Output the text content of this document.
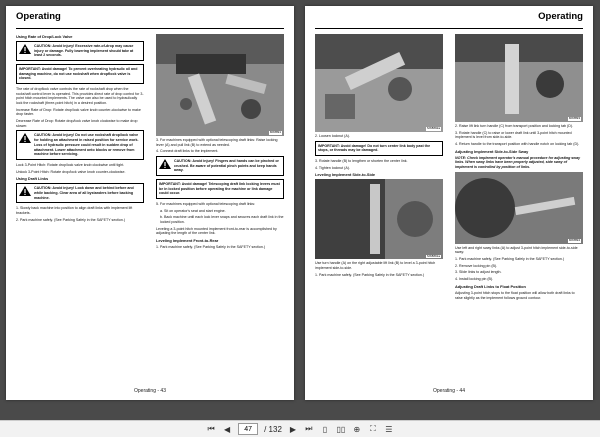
Operating

Using Rate of Drop/Lock Valve

CAUTION: Avoid injury! Excessive rate-of-drop may cause injury or damage. Fully lowering implement should take at least 2 seconds.
IMPORTANT: Avoid damage! To prevent overheating hydraulic oil and damaging machine, do not use rockshaft when dropflock valve is closed.

The rate of dropflock valve controls the rate of rockshaft drop when the rockshaft control lever is operated. This provides direct rate of drop control for 3-point hitch mounted implements. The valve can also be used to hydraulically lock the rockshaft (three-point hitch) in a desired position.

Increase Rate of Drop: Rotate drop/lock valve knob counter-clockwise to make drop faster.

Decrease Rate of Drop: Rotate drop/lock valve knob clockwise to make drop slower.

CAUTION: Avoid injury! Do not use rockshaft drop/lock valve for holding an attachment in raised position for service work. Loss of hydraulic pressure could result in sudden drop of attachment. Lower attachment onto blocks or remove from machine before servicing.

Lock 3-Point Hitch: Rotate drop/lock valve knob clockwise until tight.

Unlock 3-Point Hitch: Rotate drop/lock valve knob counter-clockwise.

Using Draft Links

CAUTION: Avoid injury! Look down and behind before and while backing. Clear area of all bystanders before backing machine.

1. Slowly back machine into position to align draft links with implement lift brackets.

2. Park machine safely. (See Parking Safely in the SAFETY section.)

MX8891

3. For machines equipped with optional telescoping draft links: Raise locking lever (A) and pull link (B) to extend as needed.

4. Connect draft links to the implement.

CAUTION: Avoid injury! Fingers and hands can be pinched or crushed. Be aware of potential pinch points and keep hands away.
IMPORTANT: Avoid damage! Telescoping draft link locking levers must be in locked position before operating the machine or link damage could occur.

5. For machines equipped with optional telescoping draft links:

a. Sit on operator's seat and start engine.

b. Back machine until each lock lever snaps and secures each draft link in the locked position.

Leveling a 3-point hitch mounted implement front-to-rear is accomplished by adjusting the length of the center link.

Leveling Implement Front-to-Rear

1. Park machine safely. (See Parking Safely in the SAFETY section.)

Operating - 43
Operating
MX8892a

2. Loosen locknut (A).

IMPORTANT: Avoid damage! Do not turn center link body past the stops, or threads may be damaged.

3. Rotate handle (B) to lengthen or shorten the center link.

4. Tighten locknut (A).

Leveling Implement Side-to-Side

MX8891a

Use turn handle (A) on the right adjustable lift link (B) to level a 3-point hitch implement side-to-side.

1. Park machine safely. (See Parking Safely in the SAFETY section.)

MX8893

2. Raise lift link turn handle (C) from transport position and locking tab (D).

3. Rotate handle (C) to raise or lower draft link until 3-point hitch mounted implement is level from side-to-side.

4. Return handle to the transport position with handle notch on locking tab (D).

Adjusting Implement Side-to-Side Sway

NOTE: Check implement operator's manual procedure for adjusting sway links. When sway links have been properly adjusted, side sway of implement is controlled by position of links.

MX8894

Use left and right sway links (A) to adjust 3-point hitch implement side-to-side sway:

1. Park machine safely. (See Parking Safely in the SAFETY section.)

2. Remove locking pin (B).

3. Slide links to adjust length.

4. Install locking pin (B).

Adjusting Draft Links to Float Position

Adjusting 3-point hitch stops to the float position will allow both draft links to raise slightly as the implement follows ground contour.

Operating - 44
⏮ ◀
47	/ 132 ▶ ⏭	▯	▯▯ ⊕ ⛶ ☰
